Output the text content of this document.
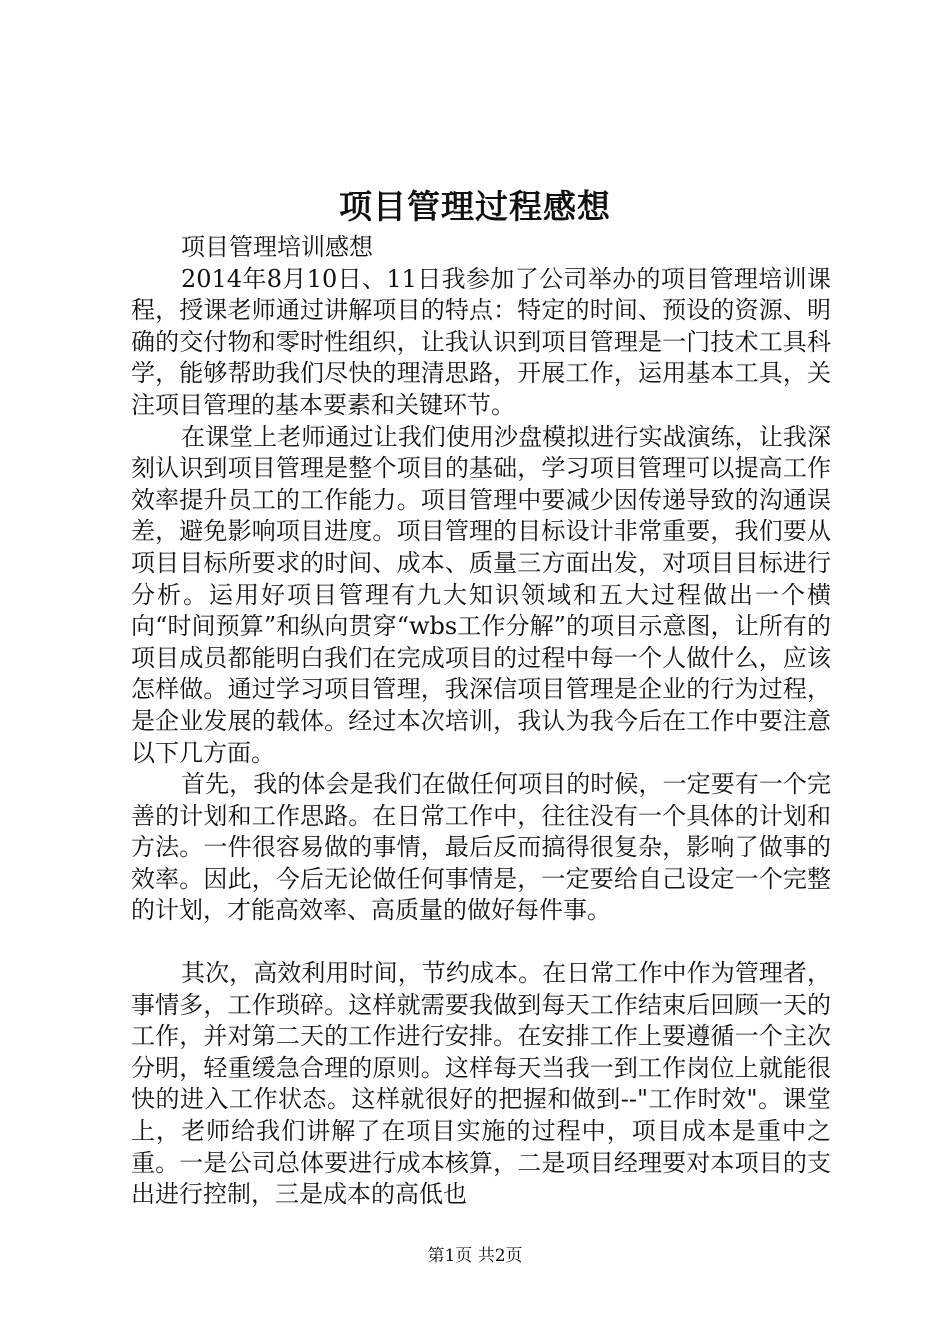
项目管理过程感想

项目管理培训感想

2014年8月10日、11日我参加了公司举办的项目管理培训课程，授课老师通过讲解项目的特点：特定的时间、预设的资源、明确的交付物和零时性组织，让我认识到项目管理是一门技术工具科学，能够帮助我们尽快的理清思路，开展工作，运用基本工具，关注项目管理的基本要素和关键环节。

在课堂上老师通过让我们使用沙盘模拟进行实战演练，让我深刻认识到项目管理是整个项目的基础，学习项目管理可以提高工作效率提升员工的工作能力。项目管理中要减少因传递导致的沟通误差，避免影响项目进度。项目管理的目标设计非常重要，我们要从项目目标所要求的时间、成本、质量三方面出发，对项目目标进行分析。运用好项目管理有九大知识领域和五大过程做出一个横向“时间预算”和纵向贯穿“wbs工作分解”的项目示意图，让所有的项目成员都能明白我们在完成项目的过程中每一个人做什么，应该怎样做。通过学习项目管理，我深信项目管理是企业的行为过程，是企业发展的载体。经过本次培训，我认为我今后在工作中要注意以下几方面。

首先，我的体会是我们在做任何项目的时候，一定要有一个完善的计划和工作思路。在日常工作中，往往没有一个具体的计划和方法。一件很容易做的事情，最后反而搞得很复杂，影响了做事的效率。因此，今后无论做任何事情是，一定要给自己设定一个完整的计划，才能高效率、高质量的做好每件事。

其次，高效利用时间，节约成本。在日常工作中作为管理者，事情多，工作琐碎。这样就需要我做到每天工作结束后回顾一天的工作，并对第二天的工作进行安排。在安排工作上要遵循一个主次分明，轻重缓急合理的原则。这样每天当我一到工作岗位上就能很快的进入工作状态。这样就很好的把握和做到--"工作时效"。课堂上，老师给我们讲解了在项目实施的过程中，项目成本是重中之重。一是公司总体要进行成本核算，二是项目经理要对本项目的支出进行控制，三是成本的高低也

第1页 共2页
